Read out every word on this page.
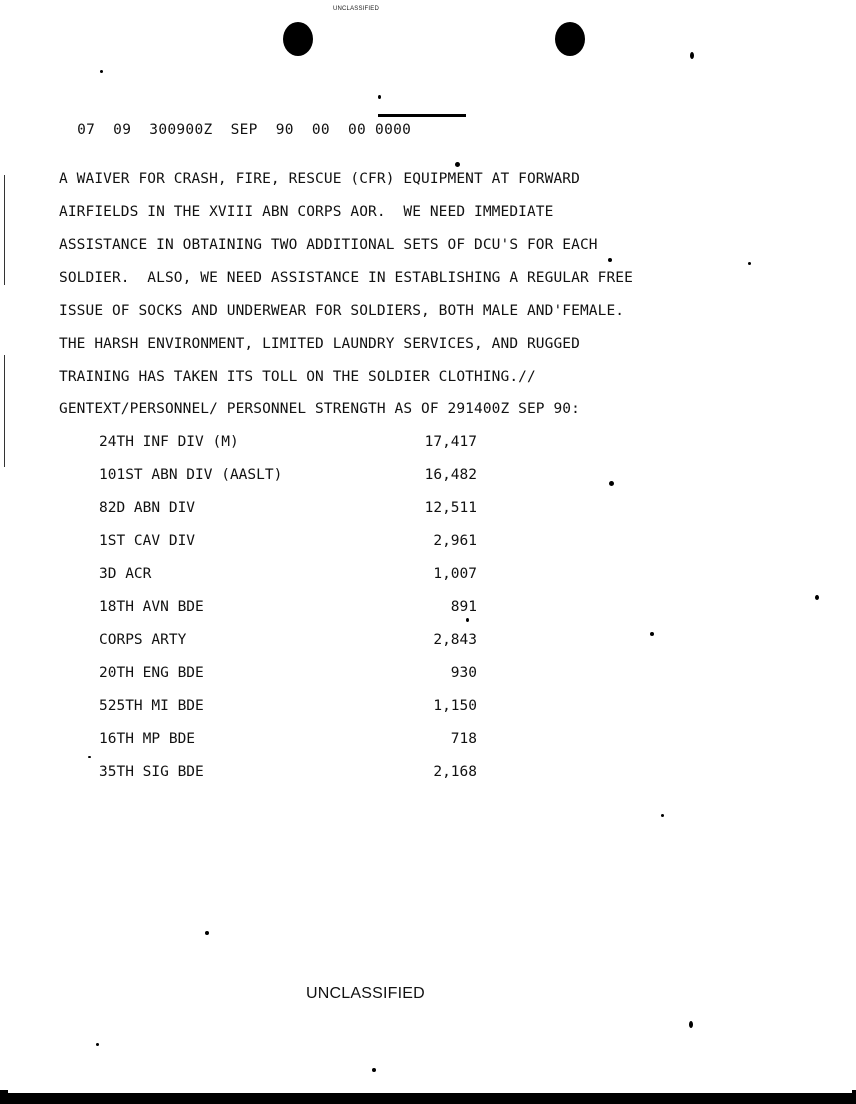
UNCLASSIFIED

07  09  300900Z  SEP  90  00  00 0000

A WAIVER FOR CRASH, FIRE, RESCUE (CFR) EQUIPMENT AT FORWARD
AIRFIELDS IN THE XVIII ABN CORPS AOR.  WE NEED IMMEDIATE
ASSISTANCE IN OBTAINING TWO ADDITIONAL SETS OF DCU'S FOR EACH
SOLDIER.  ALSO, WE NEED ASSISTANCE IN ESTABLISHING A REGULAR FREE
ISSUE OF SOCKS AND UNDERWEAR FOR SOLDIERS, BOTH MALE AND'FEMALE.
THE HARSH ENVIRONMENT, LIMITED LAUNDRY SERVICES, AND RUGGED
TRAINING HAS TAKEN ITS TOLL ON THE SOLDIER CLOTHING.//
GENTEXT/PERSONNEL/ PERSONNEL STRENGTH AS OF 291400Z SEP 90:
24TH INF DIV (M)	17,417
101ST ABN DIV (AASLT)	16,482
82D ABN DIV	12,511
1ST CAV DIV	2,961
3D ACR	1,007
18TH AVN BDE	891
CORPS ARTY	2,843
20TH ENG BDE	930
525TH MI BDE	1,150
16TH MP BDE	718
35TH SIG BDE	2,168
UNCLASSIFIED
